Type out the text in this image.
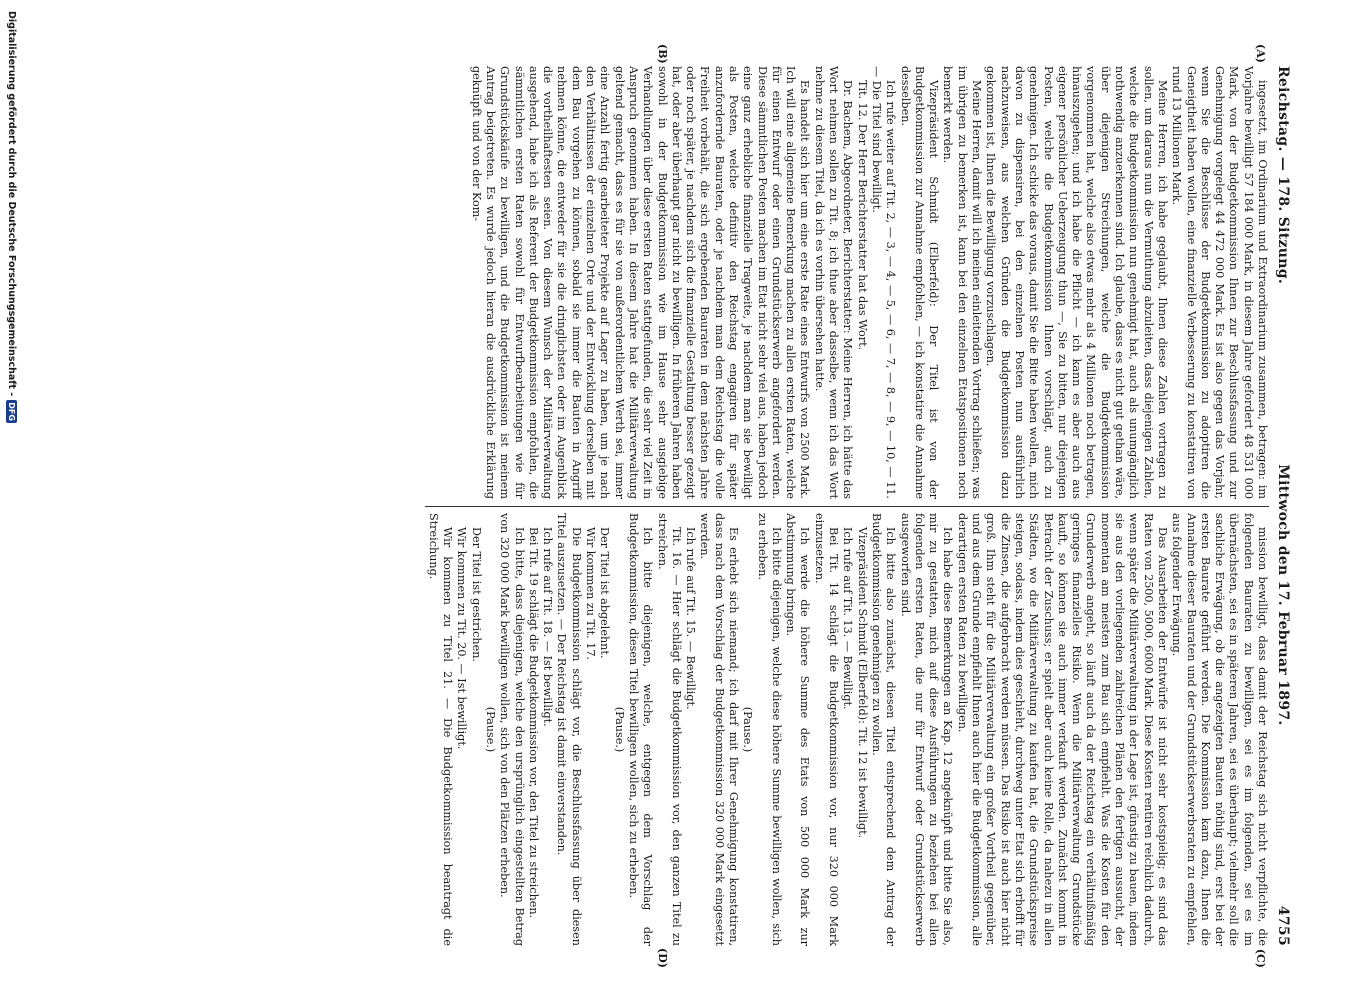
Reichstag. — 178. Sitzung.
Mittwoch den 17. Februar 1897.
4755
(A)
(B)
(C)
(D)

ingesetzt, im Ordinarium und Extraordinarium zusammen, betragen: im Vorjahre bewilligt 57 184 000 Mark, in diesem Jahre gefordert 48 531 000 Mark, von der Budgetkommission Ihnen zur Beschlussfassung und zur Genehmigung vorgelegt 44 472 000 Mark. Es ist also gegen das Vorjahr, wenn Sie die Beschlüsse der Budgetkommission zu adoptiren die Geneigtheit haben wollen, eine finanzielle Verbesserung zu konstatiren von rund 13 Millionen Mark.

Meine Herren, ich habe geglaubt, Ihnen diese Zahlen vortragen zu sollen, um daraus nun die Vermuthung abzuleiten, dass diejenigen Zahlen, welche die Budgetkommission nun genehmigt hat, auch als unumgänglich nothwendig anzuerkennen sind. Ich glaube, dass es nicht gut gethan wäre, über diejenigen Streichungen, welche die Budgetkommission vorgenommen hat, welche also etwas mehr als 4 Millionen noch betragen, hinauszugehen; und ich habe die Pflicht — ich kann es aber auch aus eigener persönlicher Ueberzeugung thun —, Sie zu bitten, nur diejenigen Posten, welche die Budgetkommission Ihnen vorschlägt, auch zu genehmigen. Ich schicke das voraus, damit Sie die Bitte haben wollen, mich davon zu dispensiren, bei den einzelnen Posten nun ausführlich nachzuweisen, aus welchen Gründen die Budgetkommission dazu gekommen ist, Ihnen die Bewilligung vorzuschlagen.

Meine Herren, damit will ich meinen einleitenden Vortrag schließen; was im übrigen zu bemerken ist, kann bei den einzelnen Etatspositionen noch bemerkt werden.

Vizepräsident Schmidt (Elberfeld): Der Titel ist von der Budgetkommission zur Annahme empfohlen, — ich konstatire die Annahme desselben.

Ich rufe weiter auf Tit. 2, — 3, — 4, — 5, — 6, — 7, — 8, — 9, — 10, — 11. — Die Titel sind bewilligt.

Tit. 12. Der Herr Berichterstatter hat das Wort.

Dr. Bachem, Abgeordneter, Berichterstatter: Meine Herren, ich hätte das Wort nehmen sollen zu Tit. 8; ich thue aber dasselbe, wenn ich das Wort nehme zu diesem Titel, da ich es vorhin übersehen hatte.

Es handelt sich hier um eine erste Rate eines Entwurfs von 2500 Mark. Ich will eine allgemeine Bemerkung machen zu allen ersten Raten, welche für einen Entwurf oder einen Grundstückserwerb angefordert werden. Diese sämmtlichen Posten machen im Etat nicht sehr viel aus, haben jedoch eine ganz erhebliche finanzielle Tragweite, je nachdem man sie bewilligt als Posten, welche definitiv den Reichstag engagiren für später anzufordernde Bauraten, oder je nachdem man dem Reichstag die volle Freiheit vorbehält, die sich ergebenden Bauraten in dem nächsten Jahre oder noch später, je nachdem sich die finanzielle Gestaltung besser gezeigt hat, oder aber überhaupt gar nicht zu bewilligen. In früheren Jahren haben sowohl in der Budgetkommission wie im Hause sehr ausgiebige Verhandlungen über diese ersten Raten stattgefunden, die sehr viel Zeit in Anspruch genommen haben. In diesem Jahre hat die Militärverwaltung geltend gemacht, dass es für sie von außerordentlichem Werth sei, immer eine Anzahl fertig gearbeiteter Projekte auf Lager zu haben, um je nach den Verhältnissen der einzelnen Orte und der Entwicklung derselben mit dem Bau vorgehen zu können, sobald sie immer die Bauten in Angriff nehmen könne, die entweder für sie die dringlichsten oder im Augenblick die vortheilhaftesten seien. Von diesem Wunsch der Militärverwaltung ausgehend, habe ich als Referent der Budgetkommission empfohlen, die sämmtlichen ersten Raten sowohl für Entwurfbearbeitungen wie für Grundstückskäufe zu bewilligen, und die Budgetkommission ist meinem Antrag beigetreten. Es wurde jedoch hieran die ausdrückliche Erklärung geknüpft und von der Kom-

mission bewilligt, dass damit der Reichstag sich nicht verpflichte, die folgenden Bauraten zu bewilligen, sei es im folgenden, sei es im übernächsten, sei es in späteren Jahren, sei es überhaupt; vielmehr soll die sachliche Erwägung, ob die angezeigten Bauten nöthig sind, erst bei der ersten Baurate geführt werden. Die Kommission kam dazu, Ihnen die Annahme dieser Bauraten und der Grundstückserwerbsraten zu empfehlen, aus folgender Erwägung.

Das Ausarbeiten der Entwürfe ist nicht sehr kostspielig; es sind das Raten von 2500, 5000, 6000 Mark. Diese Kosten rentiren reichlich dadurch, wenn später die Militärverwaltung in der Lage ist, günstig zu bauen, indem sie aus den vorliegenden zahlreichen Plänen den fertigen aussucht, der momentan am meisten zum Bau sich empfiehlt. Was die Kosten für den Grunderwerb angeht, so läuft auch da der Reichstag ein verhältnißmäßig geringes finanzielles Risiko. Wenn die Militärverwaltung Grundstücke kauft, so können sie auch immer verkauft werden. Zunächst kommt in Betracht der Zuschuss; er spielt aber auch keine Rolle, da nahezu in allen Städten, wo die Militärverwaltung zu kaufen hat, die Grundstückspreise steigen, sodass, indem dies geschieht, durchweg unter Etat sich erhofft für die Zinsen, die aufgebracht werden müssen. Das Risiko ist auch hier nicht groß. Ihm steht für die Militärverwaltung ein großer Vortheil gegenüber, und aus dem Grunde empfiehlt Ihnen auch hier die Budgetkommission, alle derartigen ersten Raten zu bewilligen.

Ich habe diese Bemerkungen an Kap. 12 angeknüpft und bitte Sie also, mir zu gestatten, mich auf diese Ausführungen zu beziehen bei allen folgenden ersten Raten, die nur für Entwurf oder Grundstückserwerb ausgeworfen sind.

Ich bitte also zunächst, diesen Titel entsprechend dem Antrag der Budgetkommission genehmigen zu wollen.

Vizepräsident Schmidt (Elberfeld): Tit. 12 ist bewilligt.

Ich rufe auf Tit. 13. — Bewilligt.

Bei Tit. 14 schlägt die Budgetkommission vor, nur 320 000 Mark einzusetzen.

Ich werde die höhere Summe des Etats von 500 000 Mark zur Abstimmung bringen.

Ich bitte diejenigen, welche diese höhere Summe bewilligen wollen, sich zu erheben.

(Pause.)

Es erhebt sich niemand; ich darf mit Ihrer Genehmigung konstatiren, dass nach dem Vorschlag der Budgetkommission 320 000 Mark eingesetzt werden.

Ich rufe auf Tit. 15. — Bewilligt.

Tit. 16. — Hier schlägt die Budgetkommission vor, den ganzen Titel zu streichen.

Ich bitte diejenigen, welche, entgegen dem Vorschlag der Budgetkommission, diesen Titel bewilligen wollen, sich zu erheben.

(Pause.)

Der Titel ist abgelehnt.

Wir kommen zu Tit. 17.

Die Budgetkommission schlägt vor, die Beschlussfassung über diesen Titel auszusetzen. — Der Reichstag ist damit einverstanden.

Ich rufe auf Tit. 18. — Ist bewilligt.

Bei Tit. 19 schlägt die Budgetkommission vor, den Titel zu streichen.

Ich bitte, dass diejenigen, welche den ursprünglich eingestellten Betrag von 320 000 Mark bewilligen wollen, sich von den Plätzen erheben.

(Pause.)

Der Titel ist gestrichen.

Wir kommen zu Tit. 20. — Ist bewilligt.

Wir kommen zu Titel 21. — Die Budgetkommission beantragt die Streichung.

Digitalisierung gefördert durch die Deutsche Forschungsgemeinschaft -
DFG
